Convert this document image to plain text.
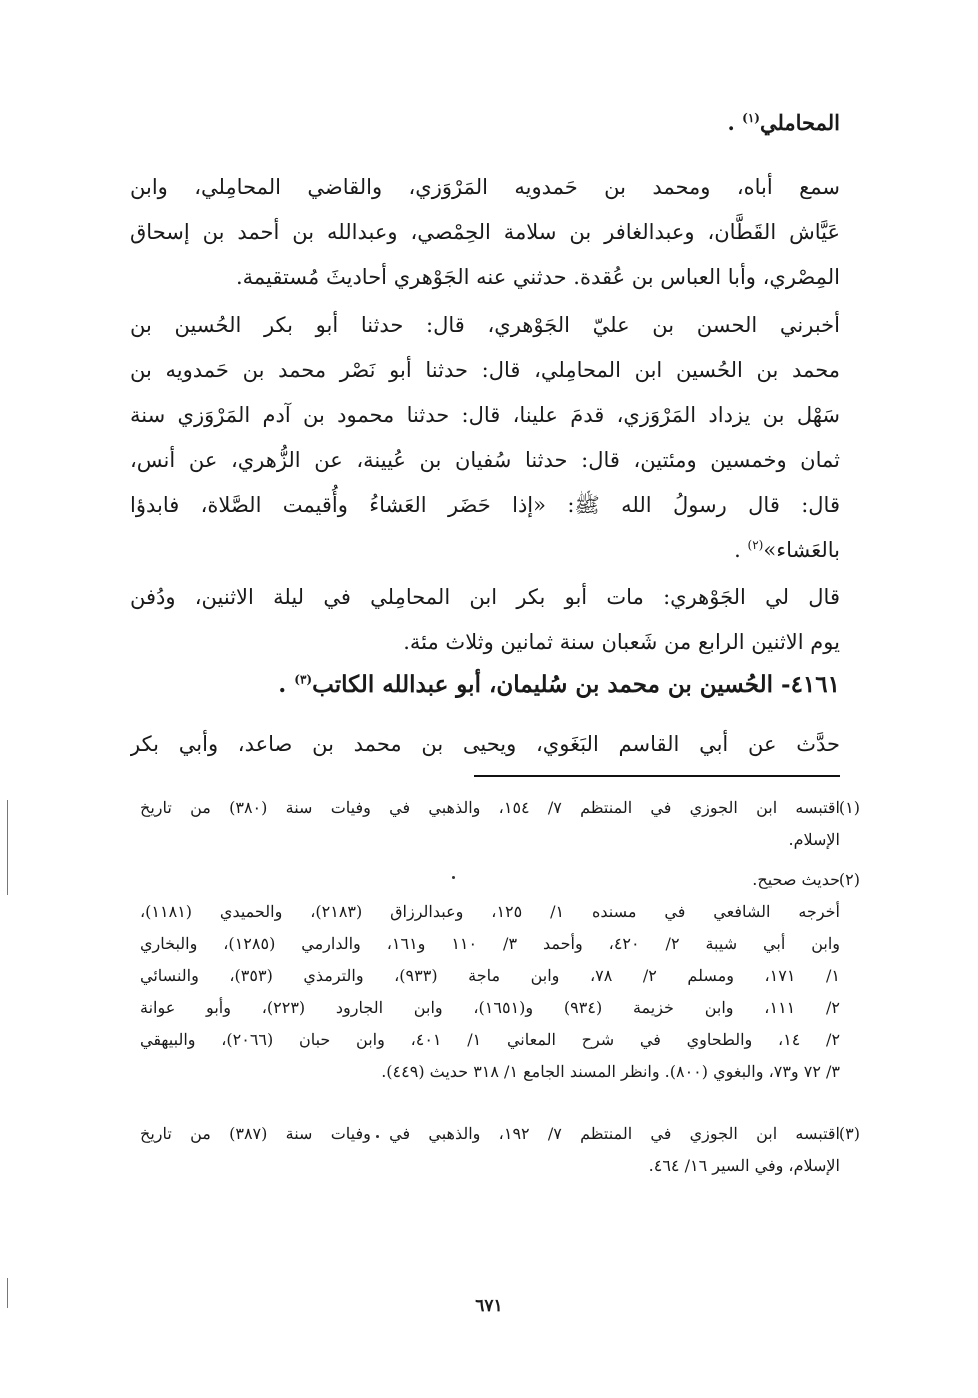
المحاملي$^{(١)}$ .
سمع أباه، ومحمد بن حَمدويه المَرْوَزي، والقاضي المحامِلي، وابن
عَيَّاش القَطَّان، وعبدالغافر بن سلامة الحِمْصي، وعبدالله بن أحمد بن إسحاق
المِصْري، وأبا العباس بن عُقدة. حدثني عنه الجَوْهري أحاديثَ مُستقيمة.
أخبرني الحسن بن عليّ الجَوْهري، قال: حدثنا أبو بكر الحُسين بن
محمد بن الحُسين ابن المحامِلي، قال: حدثنا أبو نَصْر محمد بن حَمدويه بن
سَهْل بن يزداد المَرْوَزي، قدمَ علينا، قال: حدثنا محمود بن آدم المَرْوَزي سنة
ثمان وخمسين ومئتين، قال: حدثنا سُفيان بن عُيينة، عن الزُّهري، عن أنس،
قال: قال رسولُ الله ﷺ: «إذا حَضَر العَشاءُ وأُقيمت الصَّلاة، فابدؤا
بالعَشاء»$^{(٢)}$ .
قال لي الجَوْهري: مات أبو بكر ابن المحامِلي في ليلة الاثنين، ودُفن
يوم الاثنين الرابع من شَعبان سنة ثمانين وثلاث مئة.
٤١٦١- الحُسين بن محمد بن سُليمان، أبو عبدالله الكاتب$^{(٣)}$ .
حدَّث عن أبي القاسم البَغَوي، ويحيى بن محمد بن صاعد، وأبي بكر
(١)
اقتبسه ابن الجوزي في المنتظم ٧/ ١٥٤، والذهبي في وفيات سنة (٣٨٠) من تاريخ
الإسلام.
(٢)
حديث صحيح.
أخرجه الشافعي في مسنده ١/ ١٢٥، وعبدالرزاق (٢١٨٣)، والحميدي (١١٨١)،
وابن أبي شيبة ٢/ ٤٢٠، وأحمد ٣/ ١١٠ و١٦١، والدارمي (١٢٨٥)، والبخاري
١/ ١٧١، ومسلم ٢/ ٧٨، وابن ماجة (٩٣٣)، والترمذي (٣٥٣)، والنسائي
٢/ ١١١، وابن خزيمة (٩٣٤) و(١٦٥١)، وابن الجارود (٢٢٣)، وأبو عوانة
٢/ ١٤، والطحاوي في شرح المعاني ١/ ٤٠١، وابن حبان (٢٠٦٦)، والبيهقي
٣/ ٧٢ و٧٣، والبغوي (٨٠٠). وانظر المسند الجامع ١/ ٣١٨ حديث (٤٤٩).
(٣)
اقتبسه ابن الجوزي في المنتظم ٧/ ١٩٢، والذهبي في وفيات سنة (٣٨٧) من تاريخ
الإسلام، وفي السير ١٦/ ٤٦٤.
٦٧١
